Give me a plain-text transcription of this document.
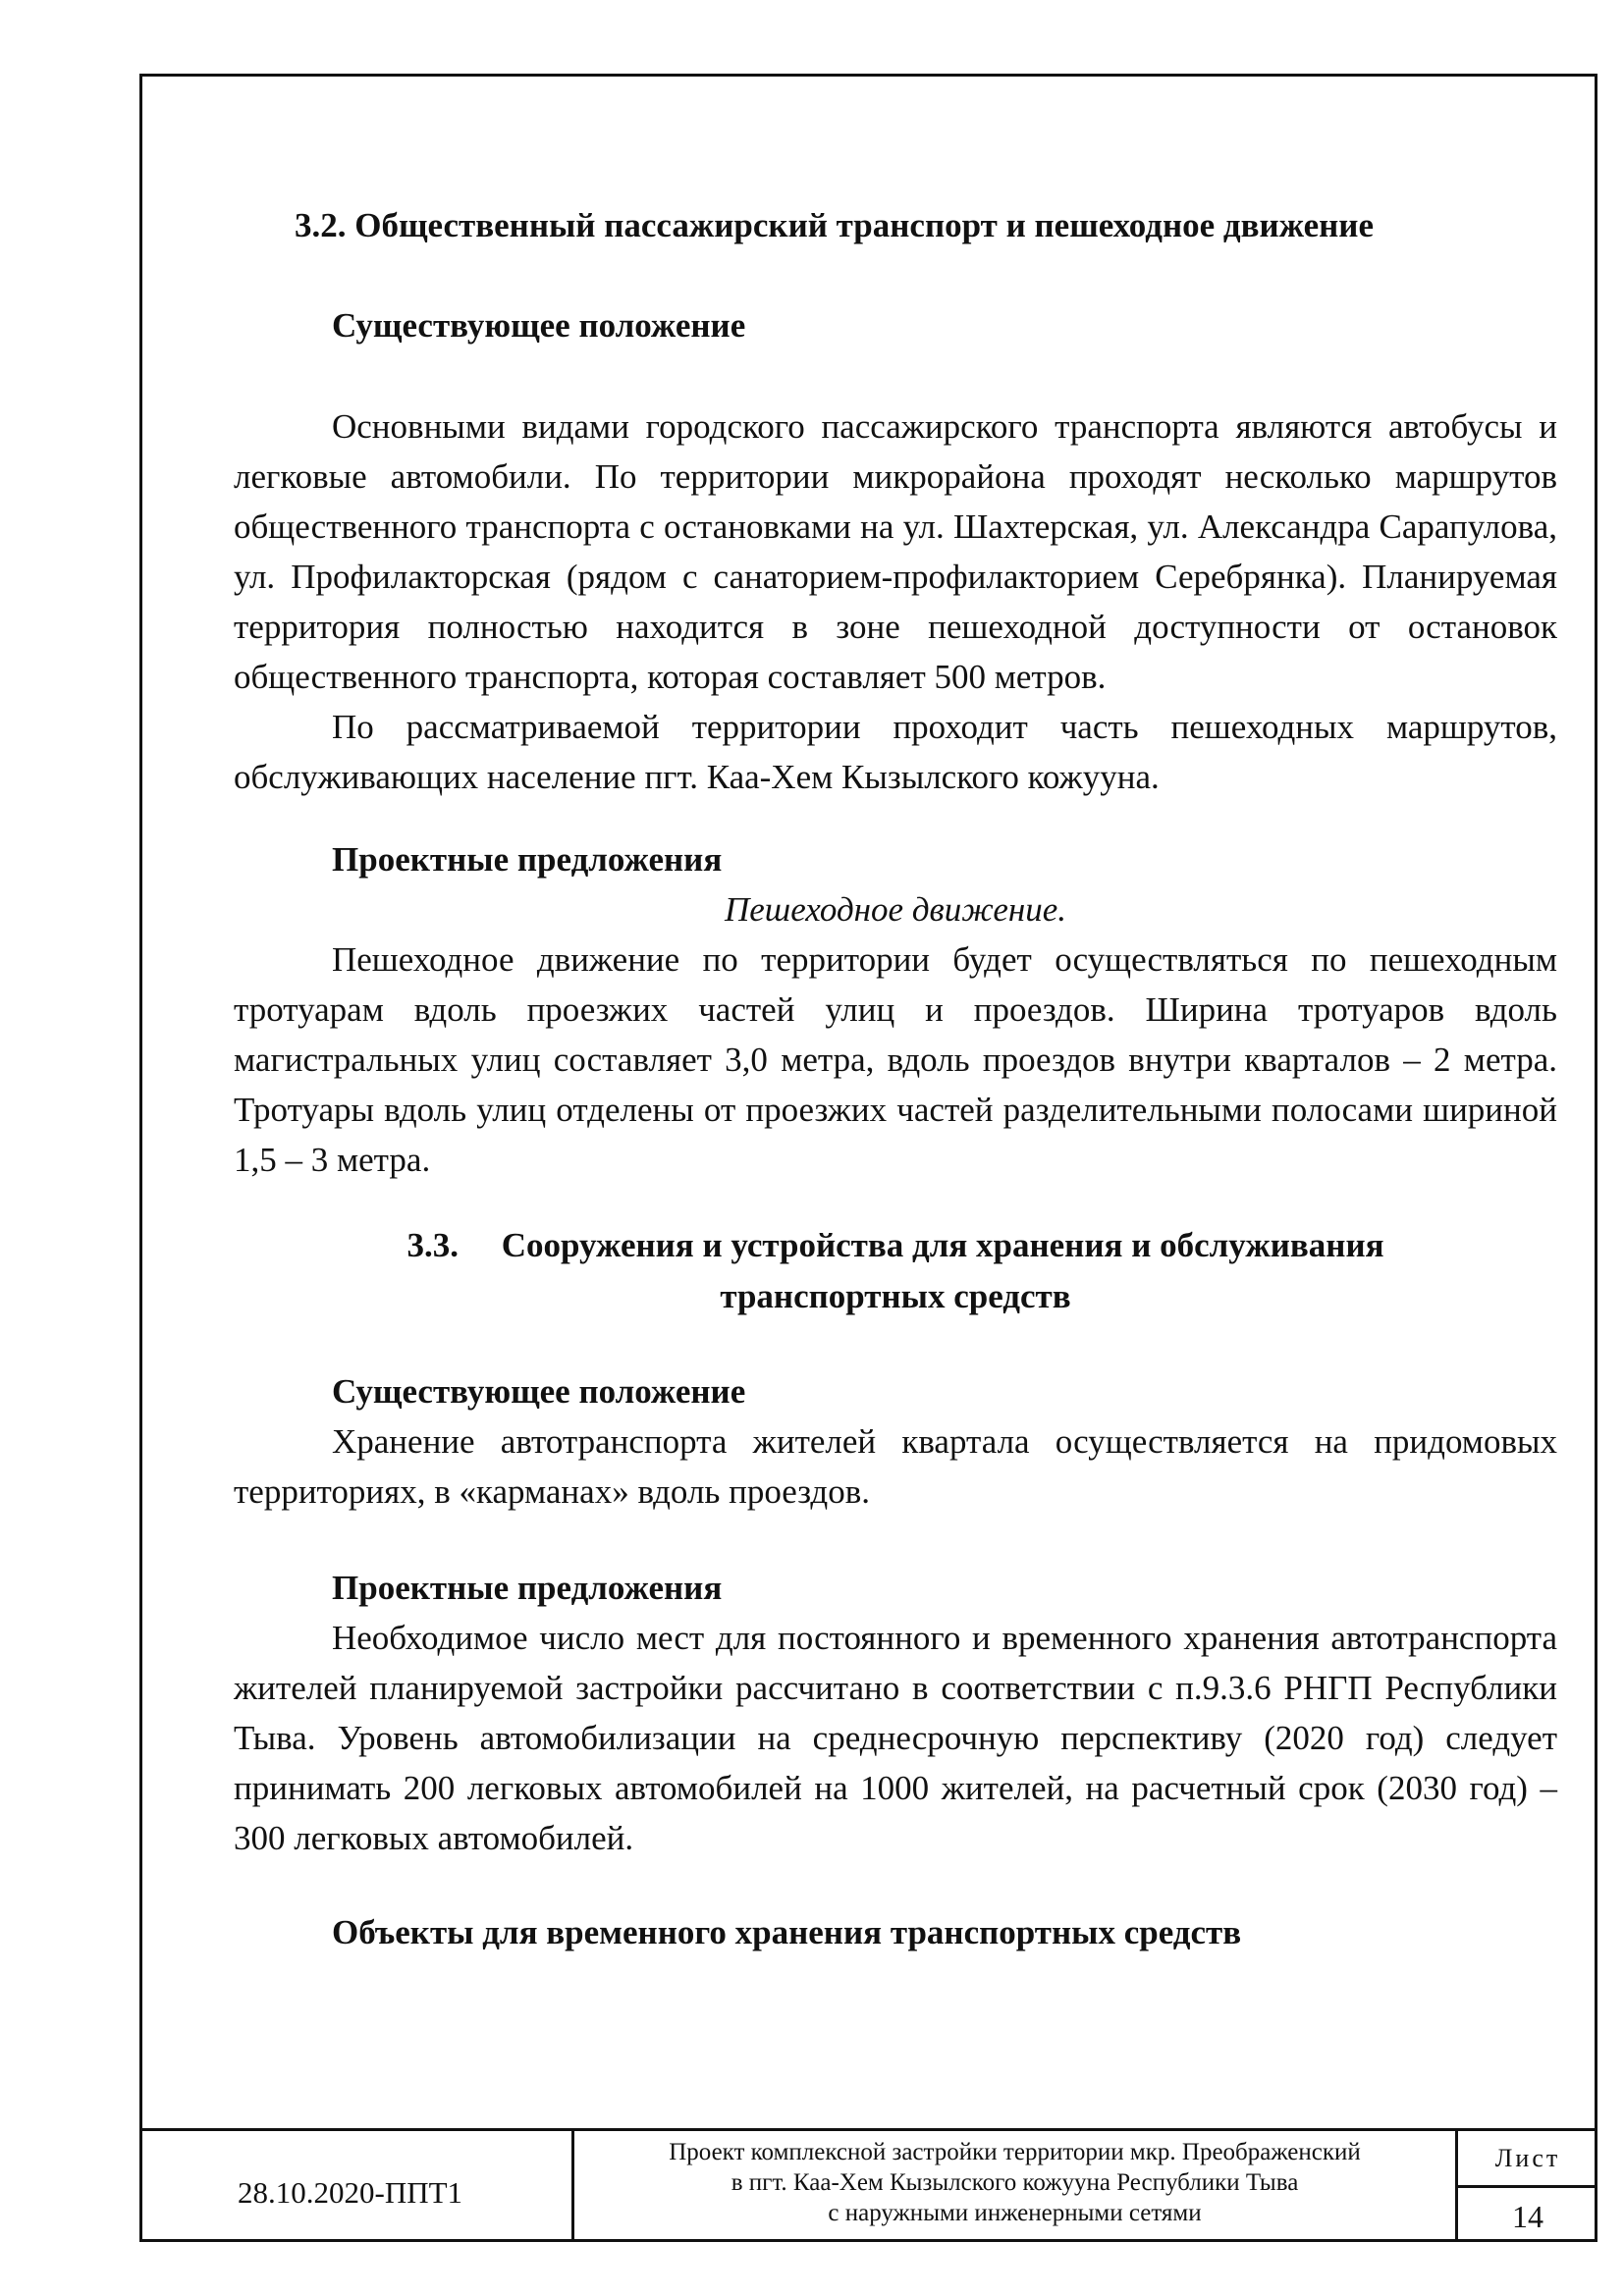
3.2. Общественный пассажирский транспорт и пешеходное движение
Существующее положение

Основными видами городского пассажирского транспорта являются автобусы и легковые автомобили. По территории микрорайона проходят несколько маршрутов общественного транспорта с остановками на ул. Шахтерская, ул. Александра Сарапулова, ул. Профилакторская (рядом с санаторием-профилакторием Серебрянка). Планируемая территория полностью находится в зоне пешеходной доступности от остановок общественного транспорта, которая составляет 500 метров.

По рассматриваемой территории проходит часть пешеходных маршрутов, обслуживающих население пгт. Каа-Хем Кызылского кожууна.

Проектные предложения

Пешеходное движение.

Пешеходное движение по территории будет осуществляться по пешеходным тротуарам вдоль проезжих частей улиц и проездов. Ширина тротуаров вдоль магистральных улиц составляет 3,0 метра, вдоль проездов внутри кварталов – 2 метра. Тротуары вдоль улиц отделены от проезжих частей разделительными полосами шириной 1,5 – 3 метра.

3.3.     Сооружения и устройства для хранения и обслуживания

транспортных средств

Существующее положение

Хранение автотранспорта жителей квартала осуществляется на придомовых территориях, в «карманах» вдоль проездов.

Проектные предложения

Необходимое число мест для постоянного и временного хранения автотранспорта жителей планируемой застройки рассчитано в соответствии с п.9.3.6 РНГП Республики Тыва. Уровень автомобилизации на среднесрочную перспективу (2020 год) следует принимать 200 легковых автомобилей на 1000 жителей, на расчетный срок (2030 год) – 300 легковых автомобилей.

Объекты для временного хранения транспортных средств
28.10.2020-ППТ1
Проект комплексной застройки территории мкр. Преображенский
в пгт. Каа-Хем Кызылского кожууна Республики Тыва
с наружными инженерными сетями
Лист
14
